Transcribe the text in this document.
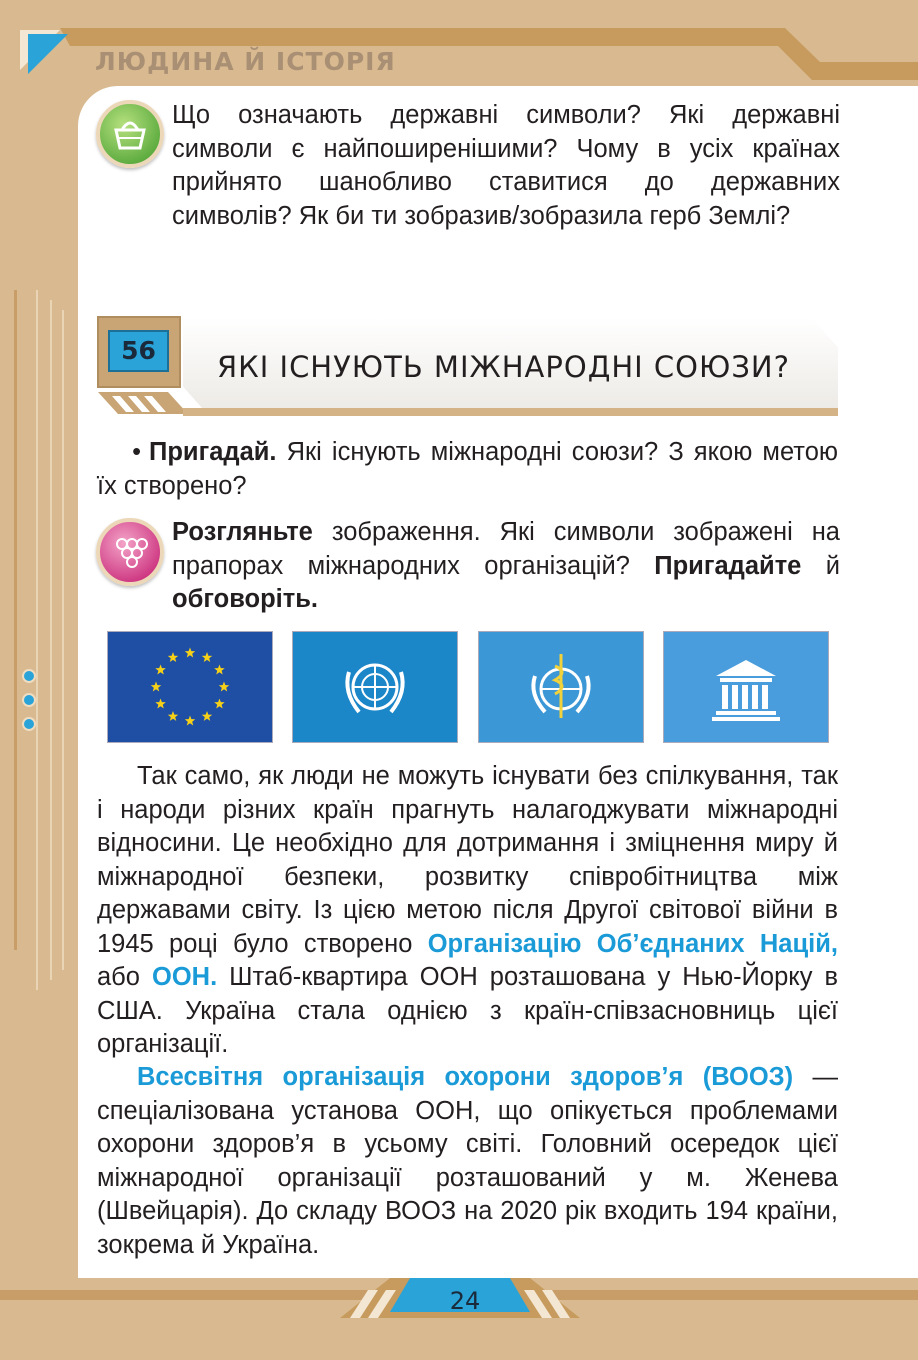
ЛЮДИНА Й ІСТОРІЯ
Що означають державні символи? Які державні символи є найпоширенішими? Чому в усіх країнах прийнято шанобливо ставитися до державних символів? Як би ти зобразив/зобразила герб Землі?
56	ЯКІ ІСНУЮТЬ МІЖНАРОДНІ СОЮЗИ?
• Пригадай. Які існують міжнародні союзи? З якою метою їх створено?
Розгляньте зображення. Які символи зображені на прапорах міжнародних організацій? Пригадайте й обговоріть.
Так само, як люди не можуть існувати без спілкування, так і народи різних країн прагнуть налагоджувати міжнародні відносини. Це необхідно для дотримання і зміцнення миру й міжнародної безпеки, розвитку співробітництва між державами світу. Із цією метою після Другої світової війни в 1945 році було створено Організацію Об’єднаних Націй, або ООН. Штаб-квартира ООН розташована у Нью-Йорку в США. Україна стала однією з країн-співзасновниць цієї організації.
Всесвітня організація охорони здоров’я (ВООЗ) — спеціалізована установа ООН, що опікується проблемами охорони здоров’я в усьому світі. Головний осередок цієї міжнародної організації розташований у м. Женева (Швейцарія). До складу ВООЗ на 2020 рік входить 194 країни, зокрема й Україна.
24
